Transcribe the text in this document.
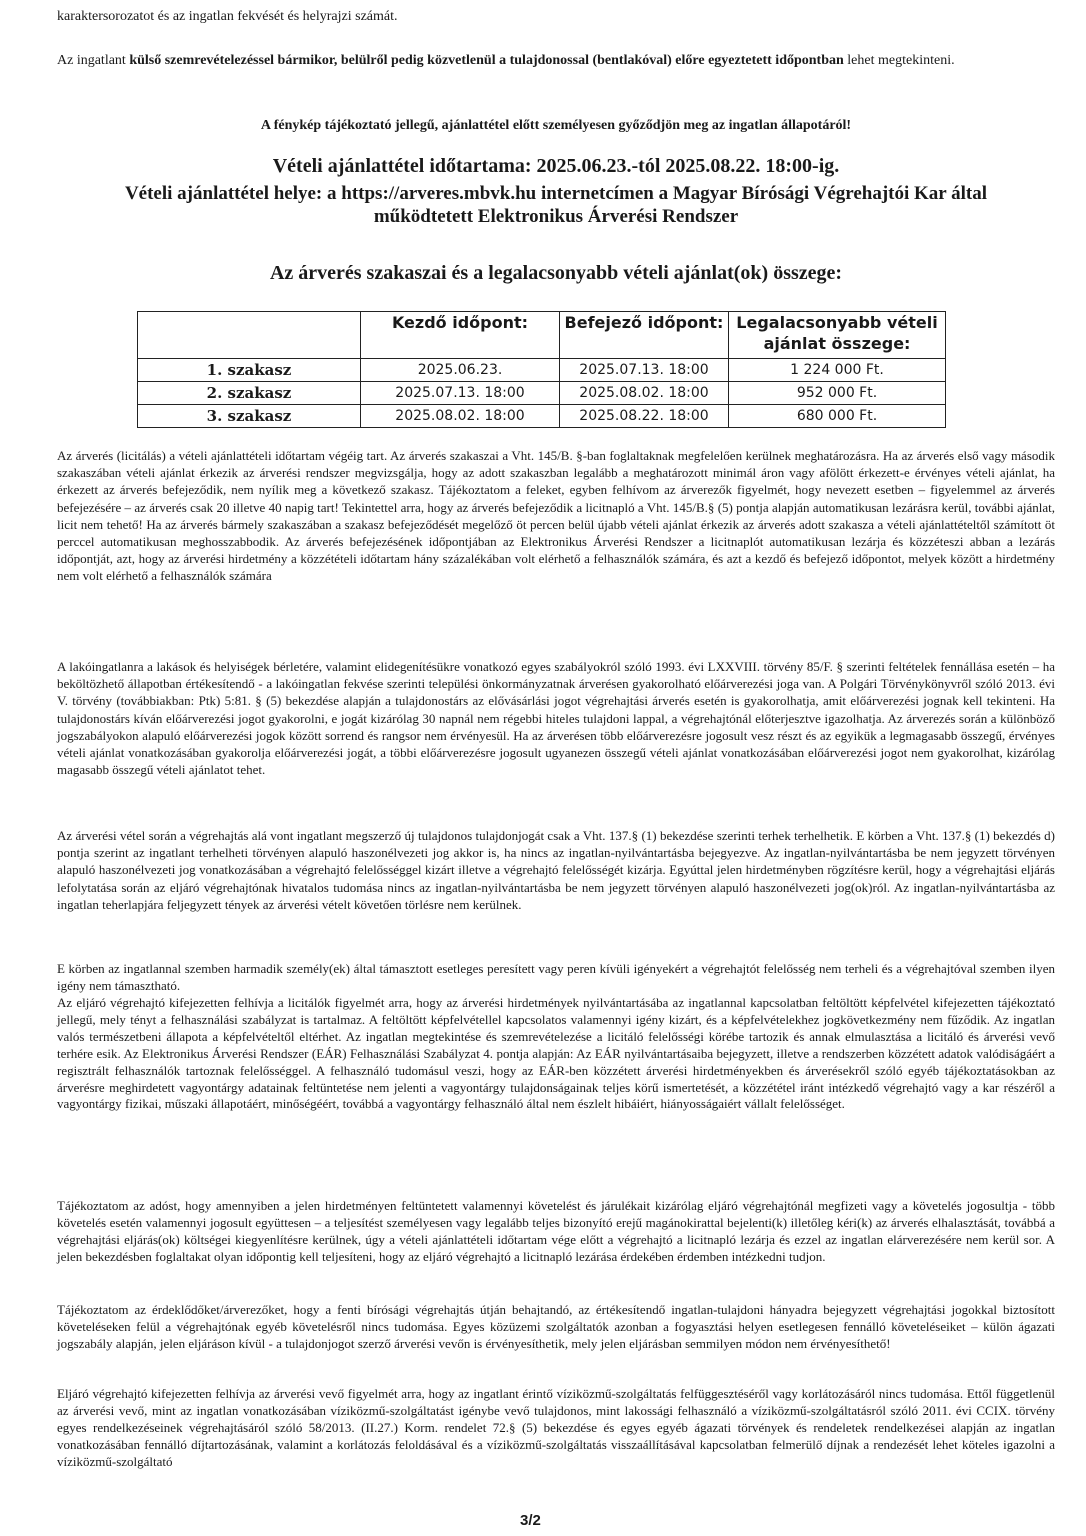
karaktersorozatot és az ingatlan fekvését és helyrajzi számát.

Az ingatlant külső szemrevételezéssel bármikor, belülről pedig közvetlenül a tulajdonossal (bentlakóval) előre egyeztetett időpontban lehet megtekinteni.

A fénykép tájékoztató jellegű, ajánlattétel előtt személyesen győződjön meg az ingatlan állapotáról!

Vételi ajánlattétel időtartama: 2025.06.23.-tól 2025.08.22. 18:00-ig.

Vételi ajánlattétel helye: a https://arveres.mbvk.hu internetcímen a Magyar Bírósági Végrehajtói Kar által működtetett Elektronikus Árverési Rendszer

Az árverés szakaszai és a legalacsonyabb vételi ajánlat(ok) összege:

	Kezdő időpont:	Befejező időpont:	Legalacsonyabb vételi ajánlat összege:
1. szakasz	2025.06.23.	2025.07.13. 18:00	1 224 000 Ft.
2. szakasz	2025.07.13. 18:00	2025.08.02. 18:00	952 000 Ft.
3. szakasz	2025.08.02. 18:00	2025.08.22. 18:00	680 000 Ft.

Az árverés (licitálás) a vételi ajánlattételi időtartam végéig tart. Az árverés szakaszai a Vht. 145/B. §-ban foglaltaknak megfelelően kerülnek meghatározásra. Ha az árverés első vagy második szakaszában vételi ajánlat érkezik az árverési rendszer megvizsgálja, hogy az adott szakaszban legalább a meghatározott minimál áron vagy afölött érkezett-e érvényes vételi ajánlat, ha érkezett az árverés befejeződik, nem nyílik meg a következő szakasz. Tájékoztatom a feleket, egyben felhívom az árverezők figyelmét, hogy nevezett esetben – figyelemmel az árverés befejezésére – az árverés csak 20 illetve 40 napig tart! Tekintettel arra, hogy az árverés befejeződik a licitnapló a Vht. 145/B.§ (5) pontja alapján automatikusan lezárásra kerül, további ajánlat, licit nem tehető! Ha az árverés bármely szakaszában a szakasz befejeződését megelőző öt percen belül újabb vételi ajánlat érkezik az árverés adott szakasza a vételi ajánlattételtől számított öt perccel automatikusan meghosszabbodik. Az árverés befejezésének időpontjában az Elektronikus Árverési Rendszer a licitnaplót automatikusan lezárja és közzéteszi abban a lezárás időpontját, azt, hogy az árverési hirdetmény a közzétételi időtartam hány százalékában volt elérhető a felhasználók számára, és azt a kezdő és befejező időpontot, melyek között a hirdetmény nem volt elérhető a felhasználók számára

A lakóingatlanra a lakások és helyiségek bérletére, valamint elidegenítésükre vonatkozó egyes szabályokról szóló 1993. évi LXXVIII. törvény 85/F. § szerinti feltételek fennállása esetén – ha beköltözhető állapotban értékesítendő - a lakóingatlan fekvése szerinti települési önkormányzatnak árverésen gyakorolható előárverezési joga van. A Polgári Törvénykönyvről szóló 2013. évi V. törvény (továbbiakban: Ptk) 5:81. § (5) bekezdése alapján a tulajdonostárs az elővásárlási jogot végrehajtási árverés esetén is gyakorolhatja, amit előárverezési jognak kell tekinteni. Ha tulajdonostárs kíván előárverezési jogot gyakorolni, e jogát kizárólag 30 napnál nem régebbi hiteles tulajdoni lappal, a végrehajtónál előterjesztve igazolhatja. Az árverezés során a különböző jogszabályokon alapuló előárverezési jogok között sorrend és rangsor nem érvényesül. Ha az árverésen több előárverezésre jogosult vesz részt és az egyikük a legmagasabb összegű, érvényes vételi ajánlat vonatkozásában gyakorolja előárverezési jogát, a többi előárverezésre jogosult ugyanezen összegű vételi ajánlat vonatkozásában előárverezési jogot nem gyakorolhat, kizárólag magasabb összegű vételi ajánlatot tehet.

Az árverési vétel során a végrehajtás alá vont ingatlant megszerző új tulajdonos tulajdonjogát csak a Vht. 137.§ (1) bekezdése szerinti terhek terhelhetik. E körben a Vht. 137.§ (1) bekezdés d) pontja szerint az ingatlant terhelheti törvényen alapuló haszonélvezeti jog akkor is, ha nincs az ingatlan-nyilvántartásba bejegyezve. Az ingatlan-nyilvántartásba be nem jegyzett törvényen alapuló haszonélvezeti jog vonatkozásában a végrehajtó felelősséggel kizárt illetve a végrehajtó felelősségét kizárja. Egyúttal jelen hirdetményben rögzítésre kerül, hogy a végrehajtási eljárás lefolytatása során az eljáró végrehajtónak hivatalos tudomása nincs az ingatlan-nyilvántartásba be nem jegyzett törvényen alapuló haszonélvezeti jog(ok)ról. Az ingatlan-nyilvántartásba az ingatlan teherlapjára feljegyzett tények az árverési vételt követően törlésre nem kerülnek.

E körben az ingatlannal szemben harmadik személy(ek) által támasztott esetleges peresített vagy peren kívüli igényekért a végrehajtót felelősség nem terheli és a végrehajtóval szemben ilyen igény nem támasztható.

Az eljáró végrehajtó kifejezetten felhívja a licitálók figyelmét arra, hogy az árverési hirdetmények nyilvántartásába az ingatlannal kapcsolatban feltöltött képfelvétel kifejezetten tájékoztató jellegű, mely tényt a felhasználási szabályzat is tartalmaz. A feltöltött képfelvétellel kapcsolatos valamennyi igény kizárt, és a képfelvételekhez jogkövetkezmény nem fűződik. Az ingatlan valós természetbeni állapota a képfelvételtől eltérhet. Az ingatlan megtekintése és szemrevételezése a licitáló felelősségi körébe tartozik és annak elmulasztása a licitáló és árverési vevő terhére esik. Az Elektronikus Árverési Rendszer (EÁR) Felhasználási Szabályzat 4. pontja alapján: Az EÁR nyilvántartásaiba bejegyzett, illetve a rendszerben közzétett adatok valódiságáért a regisztrált felhasználók tartoznak felelősséggel. A felhasználó tudomásul veszi, hogy az EÁR-ben közzétett árverési hirdetményekben és árverésekről szóló egyéb tájékoztatásokban az árverésre meghirdetett vagyontárgy adatainak feltüntetése nem jelenti a vagyontárgy tulajdonságainak teljes körű ismertetését, a közzététel iránt intézkedő végrehajtó vagy a kar részéről a vagyontárgy fizikai, műszaki állapotáért, minőségéért, továbbá a vagyontárgy felhasználó által nem észlelt hibáiért, hiányosságaiért vállalt felelősséget.

Tájékoztatom az adóst, hogy amennyiben a jelen hirdetményen feltüntetett valamennyi követelést és járulékait kizárólag eljáró végrehajtónál megfizeti vagy a követelés jogosultja - több követelés esetén valamennyi jogosult együttesen – a teljesítést személyesen vagy legalább teljes bizonyító erejű magánokirattal bejelenti(k) illetőleg kéri(k) az árverés elhalasztását, továbbá a végrehajtási eljárás(ok) költségei kiegyenlítésre kerülnek, úgy a vételi ajánlattételi időtartam vége előtt a végrehajtó a licitnapló lezárja és ezzel az ingatlan elárverezésére nem kerül sor. A jelen bekezdésben foglaltakat olyan időpontig kell teljesíteni, hogy az eljáró végrehajtó a licitnapló lezárása érdekében érdemben intézkedni tudjon.

Tájékoztatom az érdeklődőket/árverezőket, hogy a fenti bírósági végrehajtás útján behajtandó, az értékesítendő ingatlan-tulajdoni hányadra bejegyzett végrehajtási jogokkal biztosított követeléseken felül a végrehajtónak egyéb követelésről nincs tudomása. Egyes közüzemi szolgáltatók azonban a fogyasztási helyen esetlegesen fennálló követeléseiket – külön ágazati jogszabály alapján, jelen eljáráson kívül - a tulajdonjogot szerző árverési vevőn is érvényesíthetik, mely jelen eljárásban semmilyen módon nem érvényesíthető!

Eljáró végrehajtó kifejezetten felhívja az árverési vevő figyelmét arra, hogy az ingatlant érintő víziközmű-szolgáltatás felfüggesztéséről vagy korlátozásáról nincs tudomása. Ettől függetlenül az árverési vevő, mint az ingatlan vonatkozásában víziközmű-szolgáltatást igénybe vevő tulajdonos, mint lakossági felhasználó a víziközmű-szolgáltatásról szóló 2011. évi CCIX. törvény egyes rendelkezéseinek végrehajtásáról szóló 58/2013. (II.27.) Korm. rendelet 72.§ (5) bekezdése és egyes egyéb ágazati törvények és rendeletek rendelkezései alapján az ingatlan vonatkozásában fennálló díjtartozásának, valamint a korlátozás feloldásával és a víziközmű-szolgáltatás visszaállításával kapcsolatban felmerülő díjnak a rendezését lehet köteles igazolni a víziközmű-szolgáltató

3/2
